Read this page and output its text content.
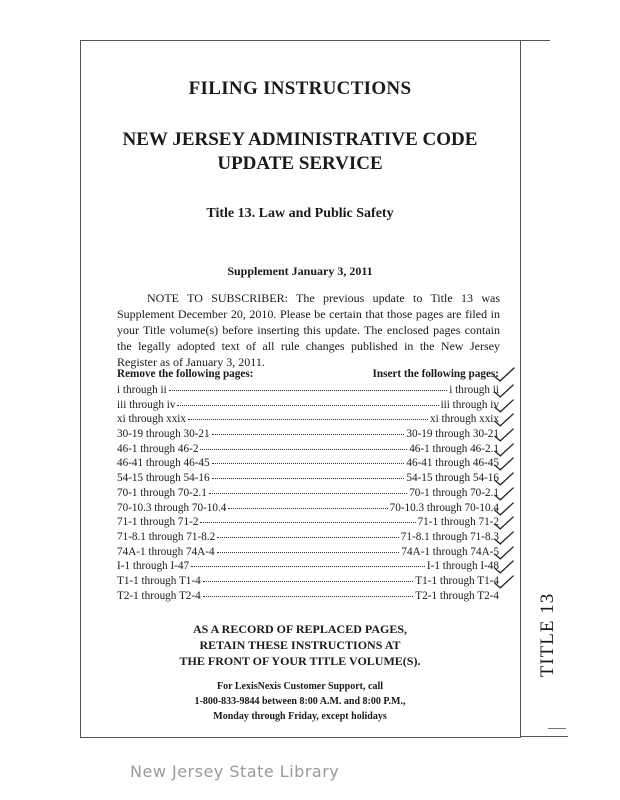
TITLE 13
FILING INSTRUCTIONS
NEW JERSEY ADMINISTRATIVE CODE
UPDATE SERVICE
Title 13. Law and Public Safety
Supplement January 3, 2011
NOTE TO SUBSCRIBER: The previous update to Title 13 was Supplement December 20, 2010. Please be certain that those pages are filed in your Title volume(s) before inserting this update. The enclosed pages contain the legally adopted text of all rule changes published in the New Jersey Register as of January 3, 2011.
Remove the following pages:	Insert the following pages:
i through ii	i through ii
iii through iv	iii through iv
xi through xxix	xi through xxix
30-19 through 30-21	30-19 through 30-21
46-1 through 46-2	46-1 through 46-2.1
46-41 through 46-45	46-41 through 46-45
54-15 through 54-16	54-15 through 54-16
70-1 through 70-2.1	70-1 through 70-2.1
70-10.3 through 70-10.4	70-10.3 through 70-10.4
71-1 through 71-2	71-1 through 71-2
71-8.1 through 71-8.2	71-8.1 through 71-8.3
74A-1 through 74A-4	74A-1 through 74A-5
I-1 through I-47	I-1 through I-48
T1-1 through T1-4	T1-1 through T1-4
T2-1 through T2-4	T2-1 through T2-4
AS A RECORD OF REPLACED PAGES,
RETAIN THESE INSTRUCTIONS AT
THE FRONT OF YOUR TITLE VOLUME(S).
For LexisNexis Customer Support, call
1-800-833-9844 between 8:00 A.M. and 8:00 P.M.,
Monday through Friday, except holidays
New Jersey State Library
